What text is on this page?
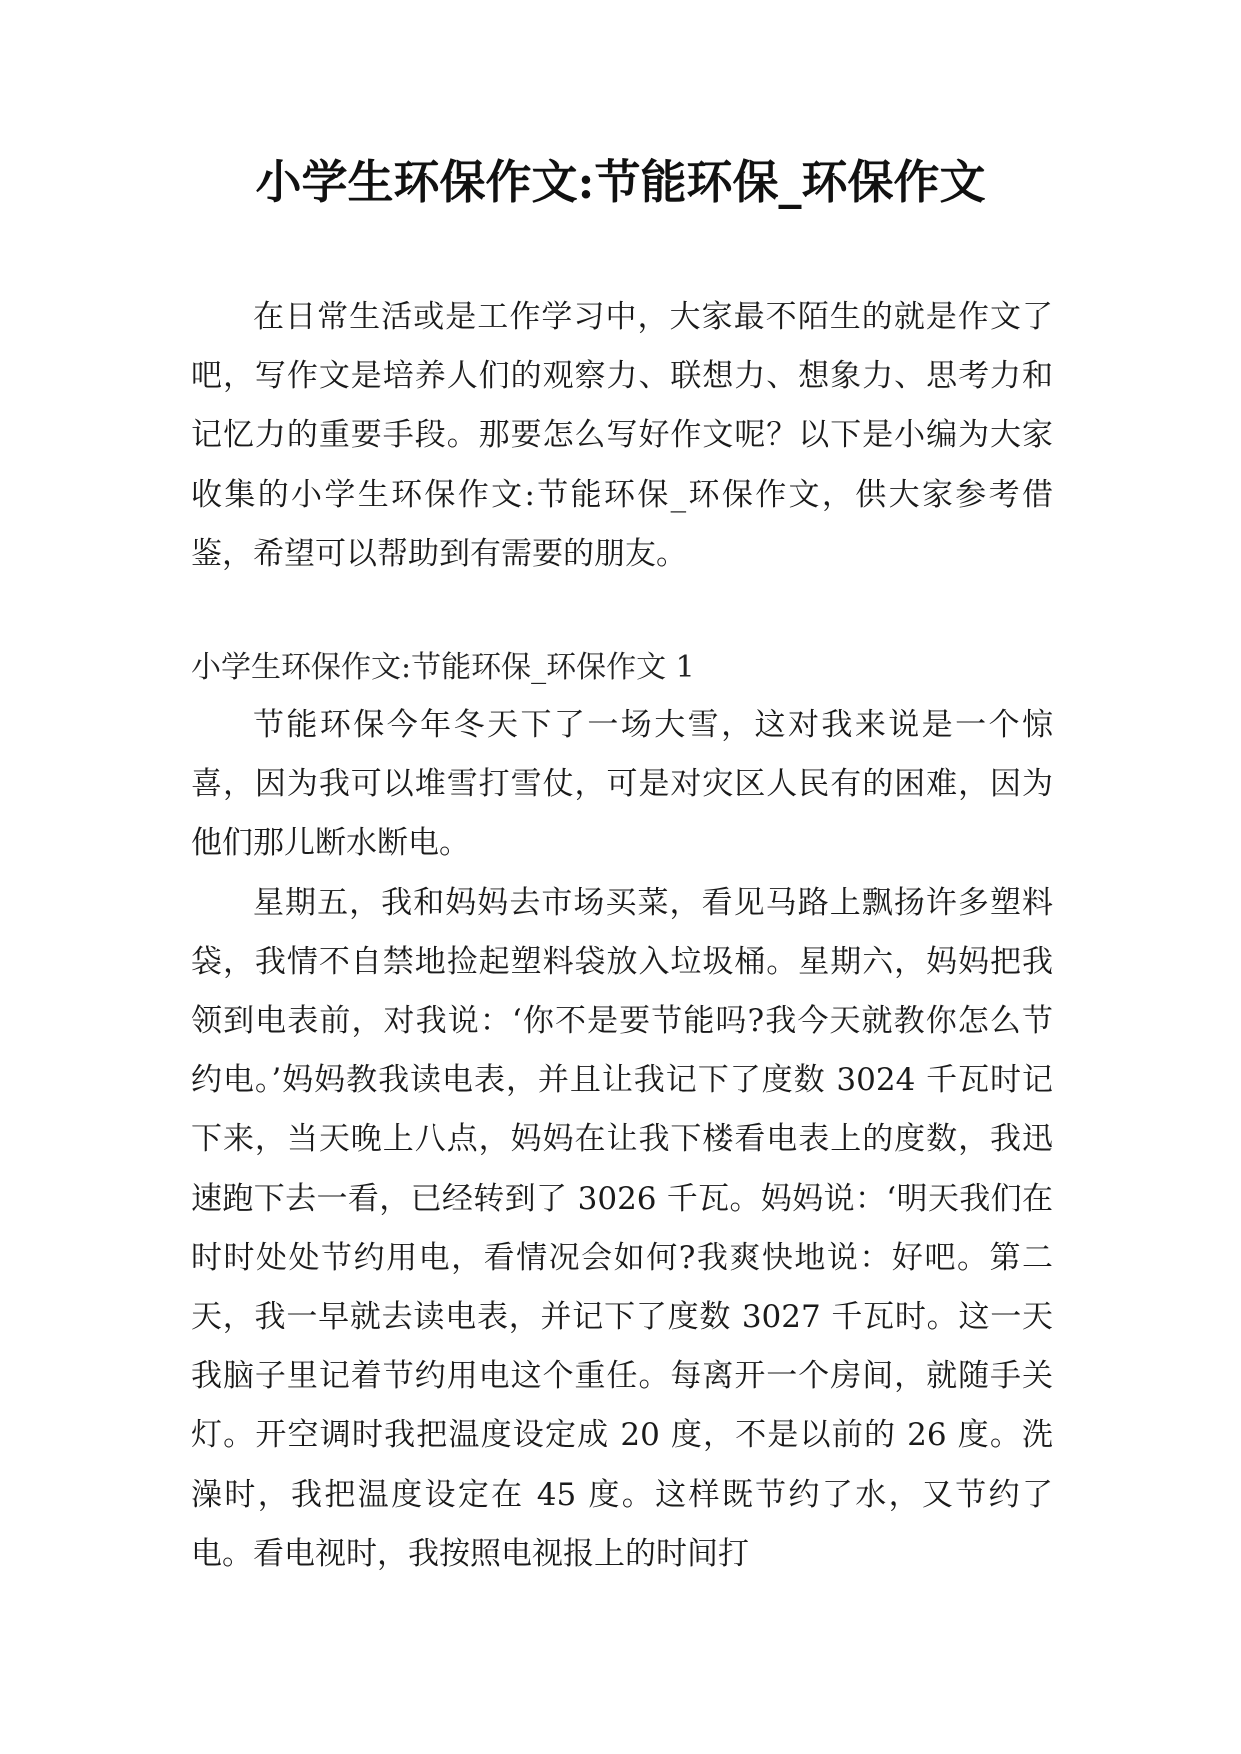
小学生环保作文:节能环保_环保作文

在日常生活或是工作学习中，大家最不陌生的就是作文了吧，写作文是培养人们的观察力、联想力、想象力、思考力和记忆力的重要手段。那要怎么写好作文呢？以下是小编为大家收集的小学生环保作文:节能环保_环保作文，供大家参考借鉴，希望可以帮助到有需要的朋友。

小学生环保作文:节能环保_环保作文 1

节能环保今年冬天下了一场大雪，这对我来说是一个惊喜，因为我可以堆雪打雪仗，可是对灾区人民有的困难，因为他们那儿断水断电。

星期五，我和妈妈去市场买菜，看见马路上飘扬许多塑料袋，我情不自禁地捡起塑料袋放入垃圾桶。星期六，妈妈把我领到电表前，对我说：‘你不是要节能吗?我今天就教你怎么节约电。’妈妈教我读电表，并且让我记下了度数 3024 千瓦时记下来，当天晚上八点，妈妈在让我下楼看电表上的度数，我迅速跑下去一看，已经转到了 3026 千瓦。妈妈说：‘明天我们在时时处处节约用电，看情况会如何?我爽快地说：好吧。第二天，我一早就去读电表，并记下了度数 3027 千瓦时。这一天我脑子里记着节约用电这个重任。每离开一个房间，就随手关灯。开空调时我把温度设定成 20 度，不是以前的 26 度。洗澡时，我把温度设定在 45 度。这样既节约了水，又节约了电。看电视时，我按照电视报上的时间打
